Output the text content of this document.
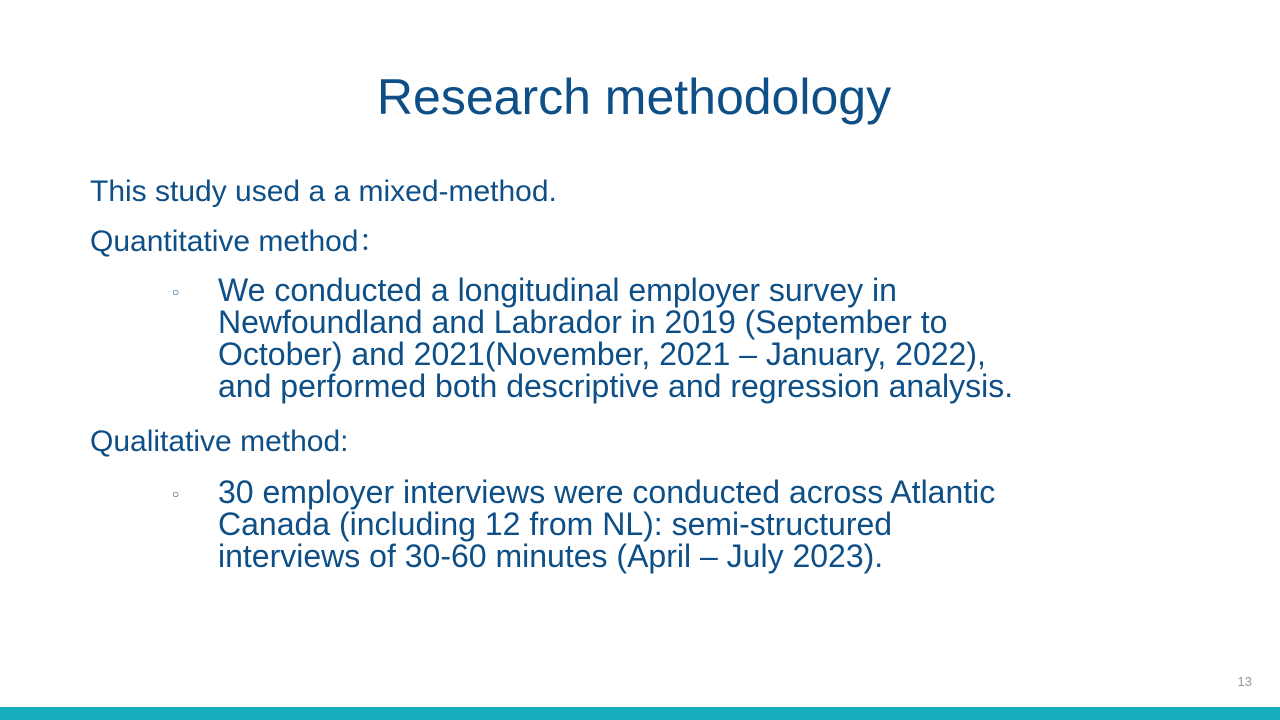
Research methodology

This study used a a mixed-method.

Quantitative method：

○ We conducted a longitudinal employer survey in
Newfoundland and Labrador in 2019 (September to
October) and 2021(November, 2021 – January, 2022),
and performed both descriptive and regression analysis.

Qualitative method:

○ 30 employer interviews were conducted across Atlantic
Canada (including 12 from NL): semi-structured
interviews of 30-60 minutes (April – July 2023).
13
